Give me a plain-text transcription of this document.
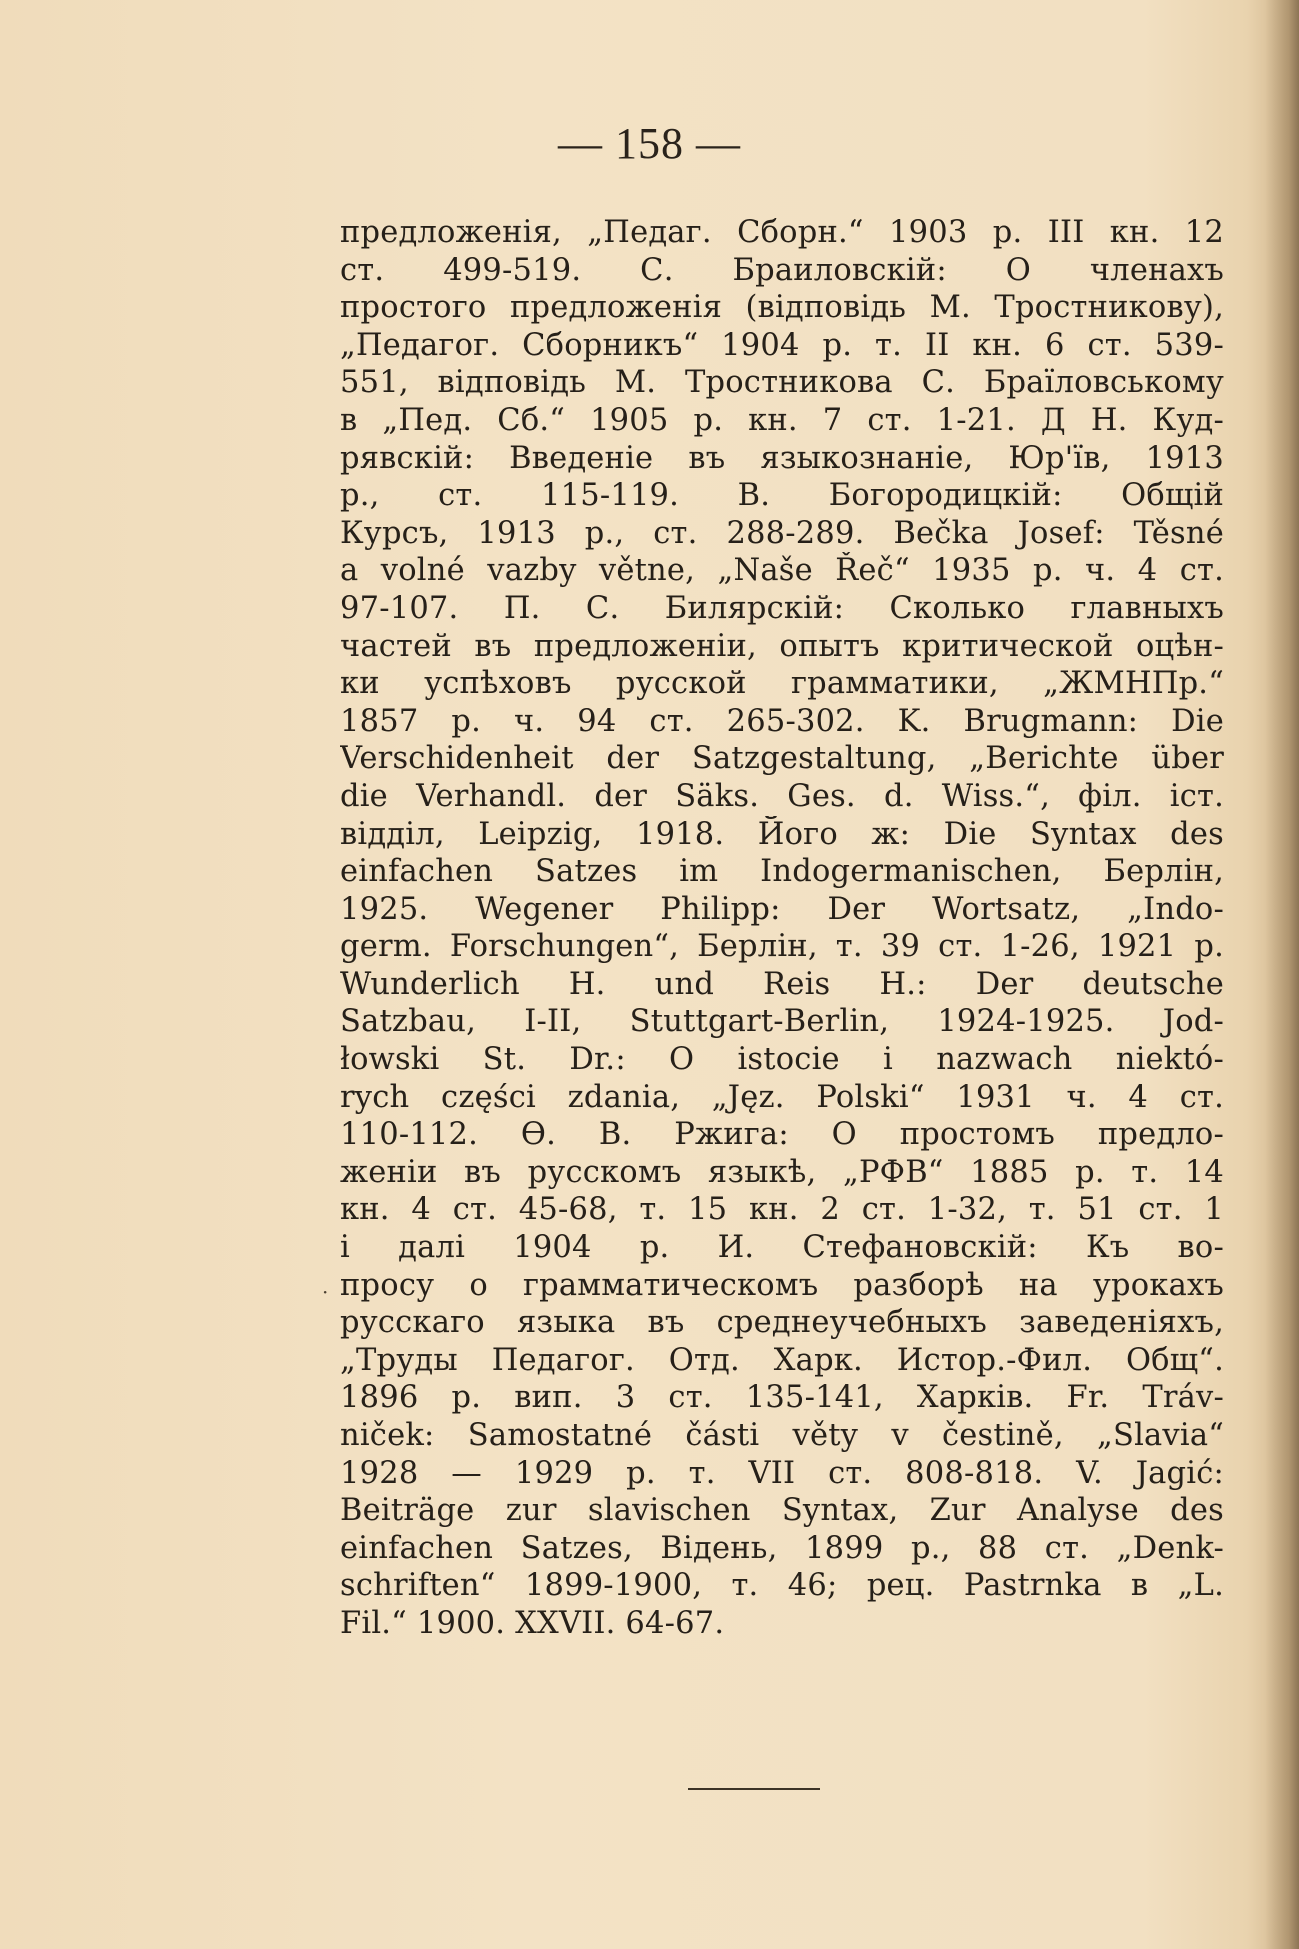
— 158 —
предложенія, „Педаг. Сборн.“ 1903 р. III кн. 12
ст. 499-519. С. Браиловскій: О членахъ
простого предложенія (відповідь М. Тростникову),
„Педагог. Сборникъ“ 1904 р. т. II кн. 6 ст. 539-
551, відповідь М. Тростникова С. Браїловському
в „Пед. Сб.“ 1905 р. кн. 7 ст. 1-21. Д Н. Куд-
рявскій: Введеніе въ языкознаніе, Юр'їв, 1913
р., ст. 115-119. В. Богородицкій: Общій
Курсъ, 1913 р., ст. 288-289. Bečka Josef: Těsné
a volné vazby větne, „Naše Řeč“ 1935 р. ч. 4 ст.
97-107. П. С. Билярскій: Сколько главныхъ
частей въ предложеніи, опытъ критической оцѣн-
ки успѣховъ русской грамматики, „ЖМНПр.“
1857 р. ч. 94 ст. 265-302. K. Brugmann: Die
Verschidenheit der Satzgestaltung, „Berichte über
die Verhandl. der Säks. Ges. d. Wiss.“, філ. іст.
відділ, Leipzig, 1918. Його ж: Die Syntax des
einfachen Satzes im Indogermanischen, Берлін,
1925. Wegener Philipp: Der Wortsatz, „Indo-
germ. Forschungen“, Берлін, т. 39 ст. 1-26, 1921 р.
Wunderlich H. und Reis H.: Der deutsche
Satzbau, I-II, Stuttgart-Berlin, 1924-1925. Jod-
łowski St. Dr.: O istocie i nazwach niektó-
rych części zdania, „Jęz. Polski“ 1931 ч. 4 ст.
110-112. Ѳ. В. Ржига: О простомъ предло-
женіи въ русскомъ языкѣ, „РФВ“ 1885 р. т. 14
кн. 4 ст. 45-68, т. 15 кн. 2 ст. 1-32, т. 51 ст. 1
і далі 1904 р. И. Стефановскій: Къ во-
просу о грамматическомъ разборѣ на урокахъ
русскаго языка въ среднеучебныхъ заведеніяхъ,
„Труды Педагог. Отд. Харк. Истор.-Фил. Общ“.
1896 р. вип. 3 ст. 135-141, Харків. Fr. Tráv-
niček: Samostatné části věty v čestině, „Slavia“
1928 — 1929 р. т. VII ст. 808-818. V. Jagić:
Beiträge zur slavischen Syntax, Zur Analyse des
einfachen Satzes, Відень, 1899 р., 88 ст. „Denk-
schriften“ 1899-1900, т. 46; рец. Pastrnka в „L.
Fil.“ 1900. XXVII. 64-67.
·
